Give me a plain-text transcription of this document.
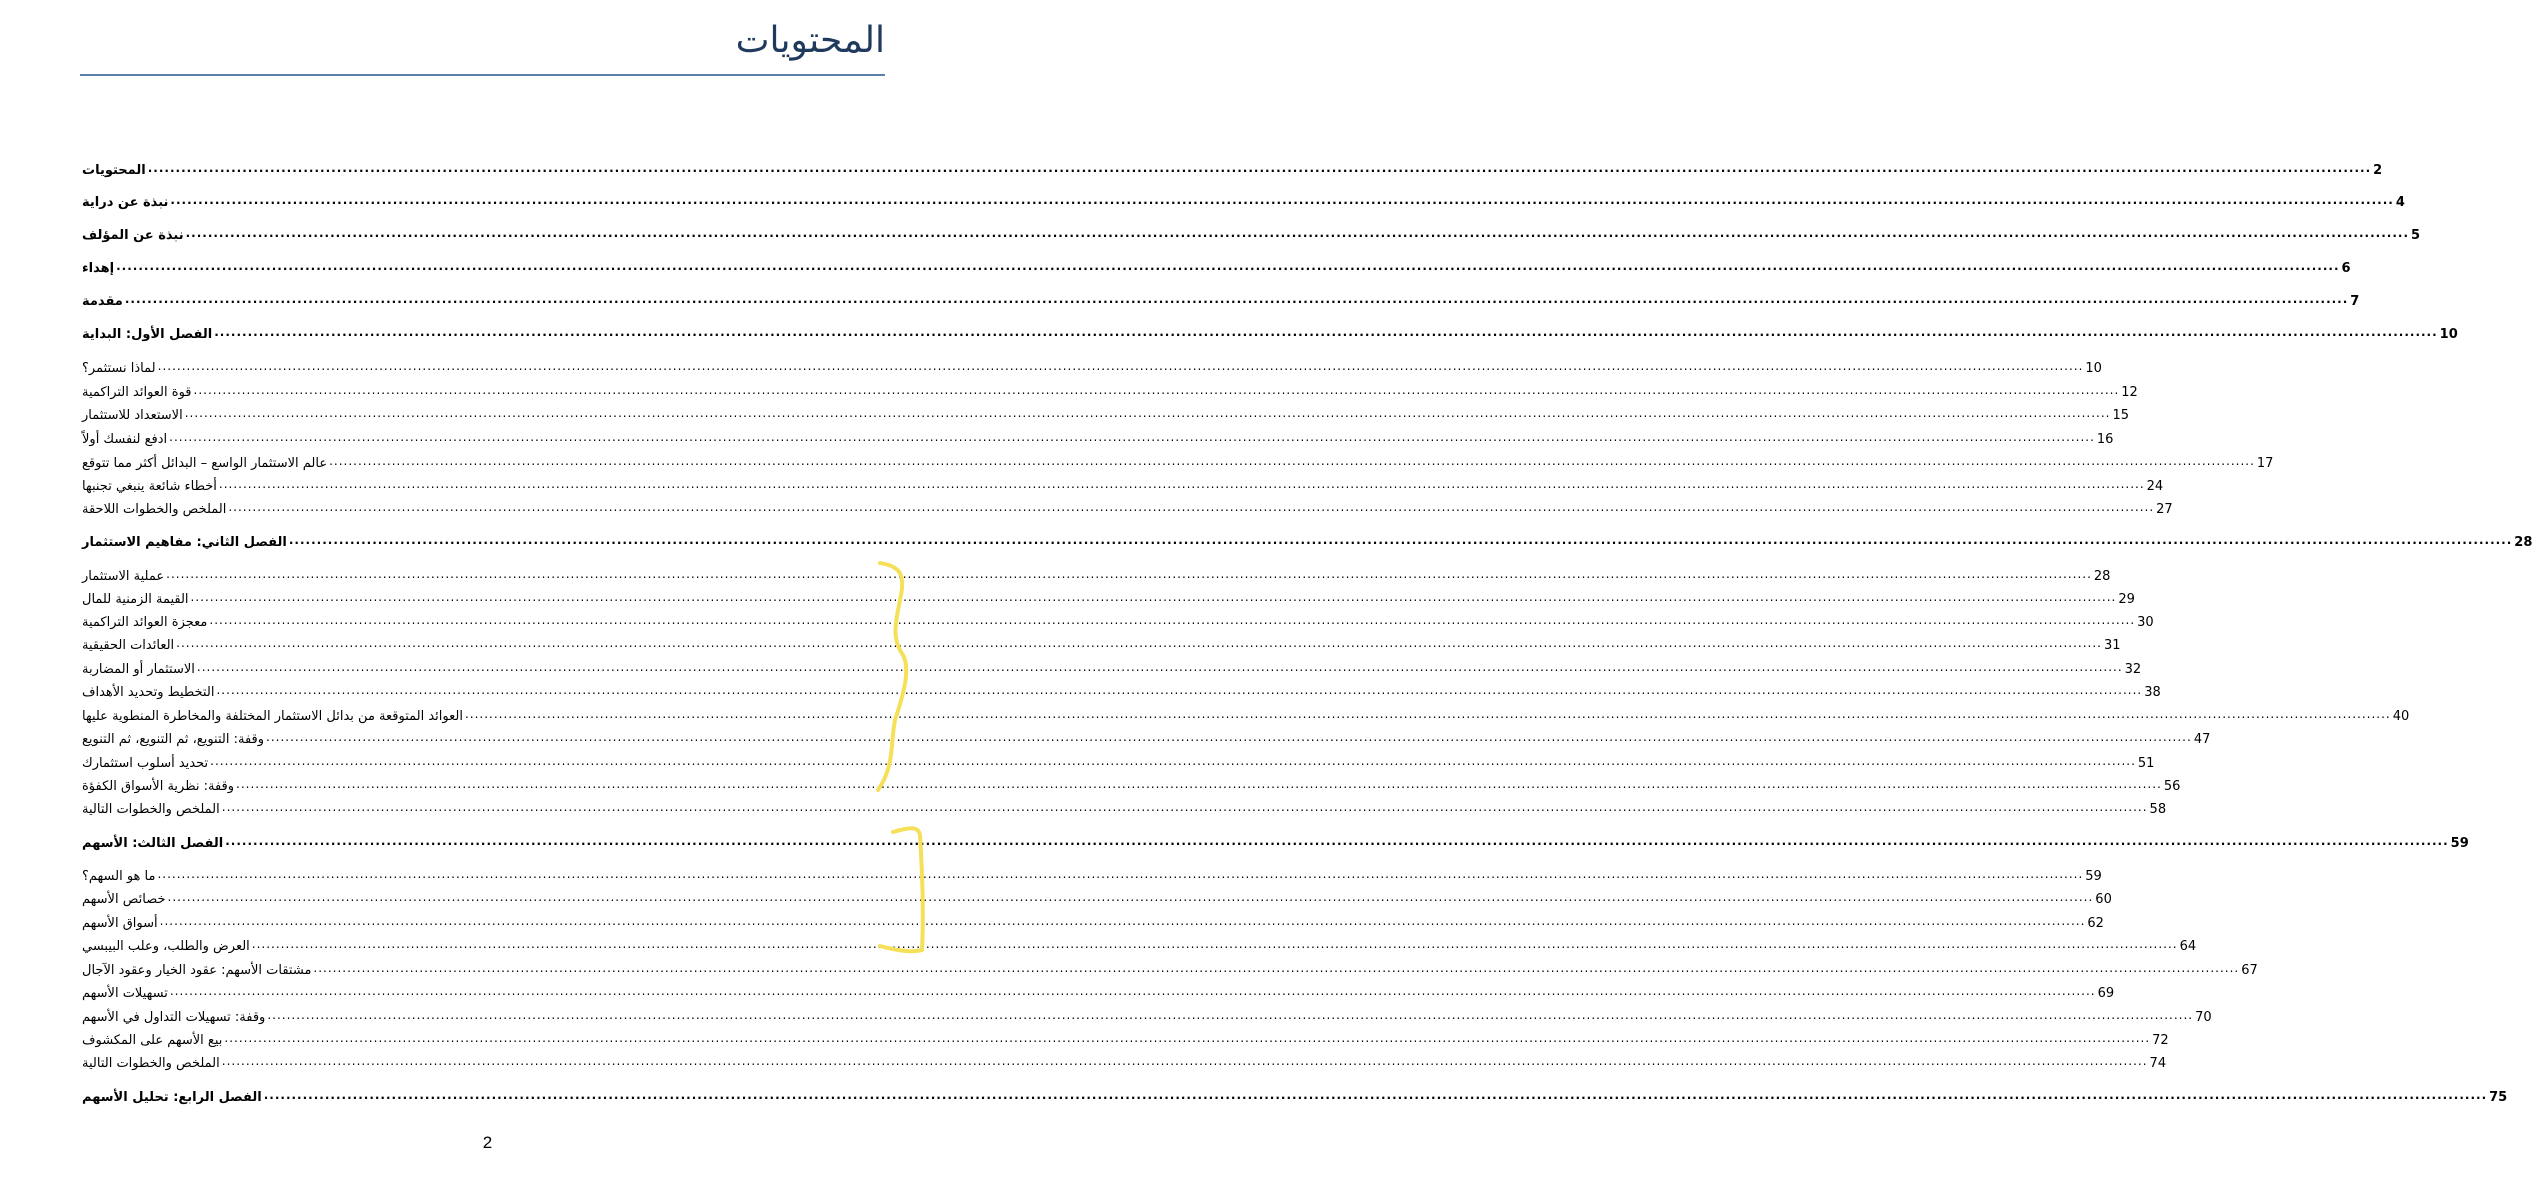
المحتويات
المحتويات ................................................................................................................................................................................................................................................................................................................................................................................................................ 2
نبذة عن دراية ................................................................................................................................................................................................................................................................................................................................................................................................................ 4
نبذة عن المؤلف ................................................................................................................................................................................................................................................................................................................................................................................................................ 5
إهداء ................................................................................................................................................................................................................................................................................................................................................................................................................ 6
مقدمة ................................................................................................................................................................................................................................................................................................................................................................................................................ 7
الفصل الأول: البداية ................................................................................................................................................................................................................................................................................................................................................................................................................ 10
لماذا نستثمر؟ ................................................................................................................................................................................................................................................................................................................................................................................................................ 10
قوة العوائد التراكمية ................................................................................................................................................................................................................................................................................................................................................................................................................ 12
الاستعداد للاستثمار ................................................................................................................................................................................................................................................................................................................................................................................................................ 15
ادفع لنفسك أولاً ................................................................................................................................................................................................................................................................................................................................................................................................................ 16
عالم الاستثمار الواسع – البدائل أكثر مما تتوقع ................................................................................................................................................................................................................................................................................................................................................................................................................ 17
أخطاء شائعة ينبغي تجنبها ................................................................................................................................................................................................................................................................................................................................................................................................................ 24
الملخص والخطوات اللاحقة ................................................................................................................................................................................................................................................................................................................................................................................................................ 27
الفصل الثاني: مفاهيم الاستثمار ................................................................................................................................................................................................................................................................................................................................................................................................................ 28
عملية الاستثمار ................................................................................................................................................................................................................................................................................................................................................................................................................ 28
القيمة الزمنية للمال ................................................................................................................................................................................................................................................................................................................................................................................................................ 29
معجزة العوائد التراكمية ................................................................................................................................................................................................................................................................................................................................................................................................................ 30
العائدات الحقيقية ................................................................................................................................................................................................................................................................................................................................................................................................................ 31
الاستثمار أو المضاربة ................................................................................................................................................................................................................................................................................................................................................................................................................ 32
التخطيط وتحديد الأهداف ................................................................................................................................................................................................................................................................................................................................................................................................................ 38
العوائد المتوقعة من بدائل الاستثمار المختلفة والمخاطرة المنطوية عليها ................................................................................................................................................................................................................................................................................................................................................................................................................ 40
وقفة: التنويع، ثم التنويع، ثم التنويع ................................................................................................................................................................................................................................................................................................................................................................................................................ 47
تحديد أسلوب استثمارك ................................................................................................................................................................................................................................................................................................................................................................................................................ 51
وقفة: نظرية الأسواق الكفؤة ................................................................................................................................................................................................................................................................................................................................................................................................................ 56
الملخص والخطوات التالية ................................................................................................................................................................................................................................................................................................................................................................................................................ 58
الفصل الثالث: الأسهم ................................................................................................................................................................................................................................................................................................................................................................................................................ 59
ما هو السهم؟ ................................................................................................................................................................................................................................................................................................................................................................................................................ 59
خصائص الأسهم ................................................................................................................................................................................................................................................................................................................................................................................................................ 60
أسواق الأسهم ................................................................................................................................................................................................................................................................................................................................................................................................................ 62
العرض والطلب، وعلب البيبسي ................................................................................................................................................................................................................................................................................................................................................................................................................ 64
مشتقات الأسهم: عقود الخيار وعقود الآجال ................................................................................................................................................................................................................................................................................................................................................................................................................ 67
تسهيلات الأسهم ................................................................................................................................................................................................................................................................................................................................................................................................................ 69
وقفة: تسهيلات التداول في الأسهم ................................................................................................................................................................................................................................................................................................................................................................................................................ 70
بيع الأسهم على المكشوف ................................................................................................................................................................................................................................................................................................................................................................................................................ 72
الملخص والخطوات التالية ................................................................................................................................................................................................................................................................................................................................................................................................................ 74
الفصل الرابع: تحليل الأسهم ................................................................................................................................................................................................................................................................................................................................................................................................................ 75
2
